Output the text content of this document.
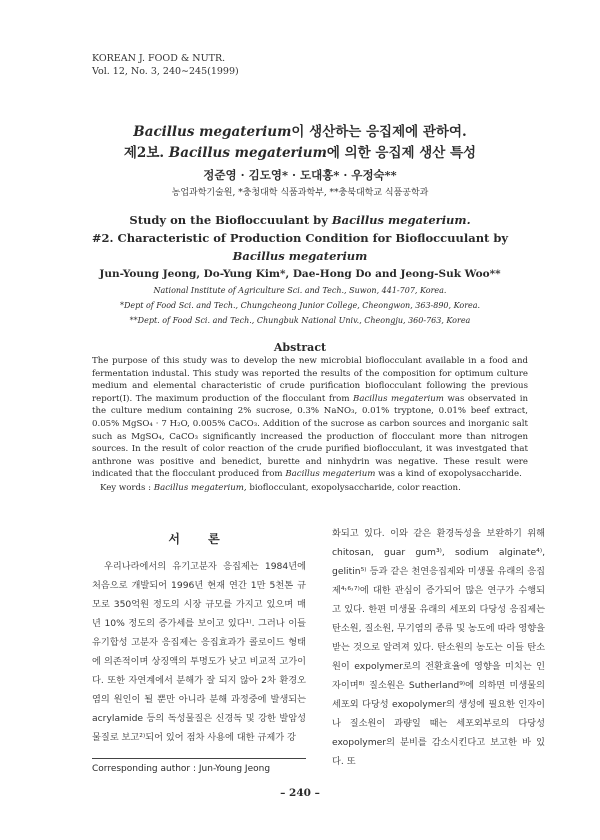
KOREAN J. FOOD & NUTR.
Vol. 12, No. 3, 240∼245(1999)
Bacillus megaterium이 생산하는 응집제에 관하여.
제2보. Bacillus megaterium에 의한 응집제 생산 특성
정준영 · 김도영* · 도대홍* · 우정숙**
농업과학기술원, *충청대학 식품과학부, **충북대학교 식품공학과
Study on the Biofloccuulant by Bacillus megaterium.
#2. Characteristic of Production Condition for Biofloccuulant by
Bacillus megaterium
Jun-Young Jeong, Do-Yung Kim*, Dae-Hong Do and Jeong-Suk Woo**
National Institute of Agriculture Sci. and Tech., Suwon, 441-707, Korea.
*Dept of Food Sci. and Tech., Chungcheong Junior College, Cheongwon, 363-890, Korea.
**Dept. of Food Sci. and Tech., Chungbuk National Univ., Cheongju, 360-763, Korea
Abstract
The purpose of this study was to develop the new microbial bioflocculant available in a food and fermentation industal. This study was reported the results of the composition for optimum culture medium and elemental characteristic of crude purification bioflocculant following the previous report(I). The maximum production of the flocculant from Bacillus megaterium was observated in the culture medium containing 2% sucrose, 0.3% NaNO₃, 0.01% tryptone, 0.01% beef extract, 0.05% MgSO₄ · 7 H₂O, 0.005% CaCO₃. Addition of the sucrose as carbon sources and inorganic salt such as MgSO₄, CaCO₃ significantly increased the production of flocculant more than nitrogen sources. In the result of color reaction of the crude purified bioflocculant, it was investgated that anthrone was positive and benedict, burette and ninhydrin was negative. These result were indicated that the flocculant produced from Bacillus megaterium was a kind of exopolysaccharide.
Key words : Bacillus megaterium, bioflocculant, exopolysaccharide, color reaction.
서 론
우리나라에서의 유기고분자 응집제는 1984년에 처음으로 개발되어 1996년 현재 연간 1만 5천톤 규모로 350억원 정도의 시장 규모를 가지고 있으며 매년 10% 정도의 증가세를 보이고 있다¹⁾. 그러나 이들 유기합성 고분자 응집제는 응집효과가 콜로이드 형태에 의존적이며 상징액의 투명도가 낮고 비교적 고가이다. 또한 자연계에서 분해가 잘 되지 않아 2차 환경오염의 원인이 될 뿐만 아니라 분해 과정중에 발생되는 acrylamide 등의 독성물질은 신경독 및 강한 발암성 물질로 보고²⁾되어 있어 점차 사용에 대한 규제가 강
화되고 있다. 이와 같은 환경독성을 보완하기 위해 chitosan, guar gum³⁾, sodium alginate⁴⁾, gelitin⁵⁾ 등과 같은 천연응집제와 미생물 유래의 응집제⁴˒⁶˒⁷⁾에 대한 관심이 증가되어 많은 연구가 수행되고 있다. 한편 미생물 유래의 세포외 다당성 응집제는 탄소원, 질소원, 무기염의 종류 및 농도에 따라 영향을 받는 것으로 알려져 있다. 탄소원의 농도는 이들 탄소원이 expolymer로의 전환효율에 영향을 미치는 인자이며⁸⁾ 질소원은 Sutherland⁹⁾에 의하면 미생물의 세포외 다당성 exopolymer의 생성에 필요한 인자이나 질소원이 과량일 때는 세포외부로의 다당성 exopolymer의 분비를 감소시킨다고 보고한 바 있다. 또
Corresponding author : Jun-Young Jeong
– 240 –
